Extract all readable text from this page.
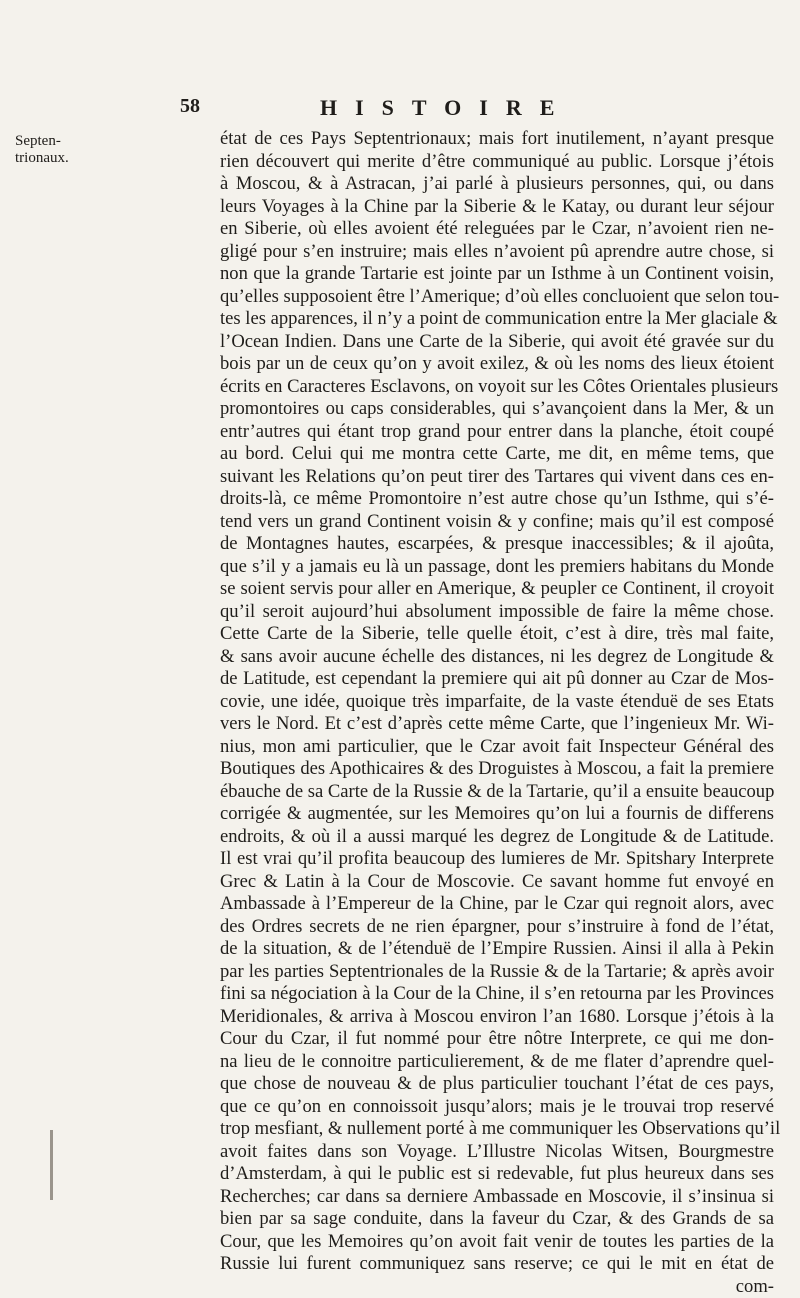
58	HISTOIRE
Septen-
trionaux.
état de ces Pays Septentrionaux; mais fort inutilement, n’ayant presque
rien découvert qui merite d’être communiqué au public. Lorsque j’étois
à Moscou, & à Astracan, j’ai parlé à plusieurs personnes, qui, ou dans
leurs Voyages à la Chine par la Siberie & le Katay, ou durant leur séjour
en Siberie, où elles avoient été releguées par le Czar, n’avoient rien ne-
gligé pour s’en instruire; mais elles n’avoient pû aprendre autre chose, si
non que la grande Tartarie est jointe par un Isthme à un Continent voisin,
qu’elles supposoient être l’Amerique; d’où elles concluoient que selon tou-
tes les apparences, il n’y a point de communication entre la Mer glaciale &
l’Ocean Indien. Dans une Carte de la Siberie, qui avoit été gravée sur du
bois par un de ceux qu’on y avoit exilez, & où les noms des lieux étoient
écrits en Caracteres Esclavons, on voyoit sur les Côtes Orientales plusieurs
promontoires ou caps considerables, qui s’avançoient dans la Mer, & un
entr’autres qui étant trop grand pour entrer dans la planche, étoit coupé
au bord. Celui qui me montra cette Carte, me dit, en même tems, que
suivant les Relations qu’on peut tirer des Tartares qui vivent dans ces en-
droits-là, ce même Promontoire n’est autre chose qu’un Isthme, qui s’é-
tend vers un grand Continent voisin & y confine; mais qu’il est composé
de Montagnes hautes, escarpées, & presque inaccessibles; & il ajoûta,
que s’il y a jamais eu là un passage, dont les premiers habitans du Monde
se soient servis pour aller en Amerique, & peupler ce Continent, il croyoit
qu’il seroit aujourd’hui absolument impossible de faire la même chose.
Cette Carte de la Siberie, telle quelle étoit, c’est à dire, très mal faite,
& sans avoir aucune échelle des distances, ni les degrez de Longitude &
de Latitude, est cependant la premiere qui ait pû donner au Czar de Mos-
covie, une idée, quoique très imparfaite, de la vaste étenduë de ses Etats
vers le Nord. Et c’est d’après cette même Carte, que l’ingenieux Mr. Wi-
nius, mon ami particulier, que le Czar avoit fait Inspecteur Général des
Boutiques des Apothicaires & des Droguistes à Moscou, a fait la premiere
ébauche de sa Carte de la Russie & de la Tartarie, qu’il a ensuite beaucoup
corrigée & augmentée, sur les Memoires qu’on lui a fournis de differens
endroits, & où il a aussi marqué les degrez de Longitude & de Latitude.
Il est vrai qu’il profita beaucoup des lumieres de Mr. Spitshary Interprete
Grec & Latin à la Cour de Moscovie. Ce savant homme fut envoyé en
Ambassade à l’Empereur de la Chine, par le Czar qui regnoit alors, avec
des Ordres secrets de ne rien épargner, pour s’instruire à fond de l’état,
de la situation, & de l’étenduë de l’Empire Russien. Ainsi il alla à Pekin
par les parties Septentrionales de la Russie & de la Tartarie; & après avoir
fini sa négociation à la Cour de la Chine, il s’en retourna par les Provinces
Meridionales, & arriva à Moscou environ l’an 1680. Lorsque j’étois à la
Cour du Czar, il fut nommé pour être nôtre Interprete, ce qui me don-
na lieu de le connoitre particulierement, & de me flater d’aprendre quel-
que chose de nouveau & de plus particulier touchant l’état de ces pays,
que ce qu’on en connoissoit jusqu’alors; mais je le trouvai trop reservé
trop mesfiant, & nullement porté à me communiquer les Observations qu’il
avoit faites dans son Voyage. L’Illustre Nicolas Witsen, Bourgmestre
d’Amsterdam, à qui le public est si redevable, fut plus heureux dans ses
Recherches; car dans sa derniere Ambassade en Moscovie, il s’insinua si
bien par sa sage conduite, dans la faveur du Czar, & des Grands de sa
Cour, que les Memoires qu’on avoit fait venir de toutes les parties de la
Russie lui furent communiquez sans reserve; ce qui le mit en état de
com-
